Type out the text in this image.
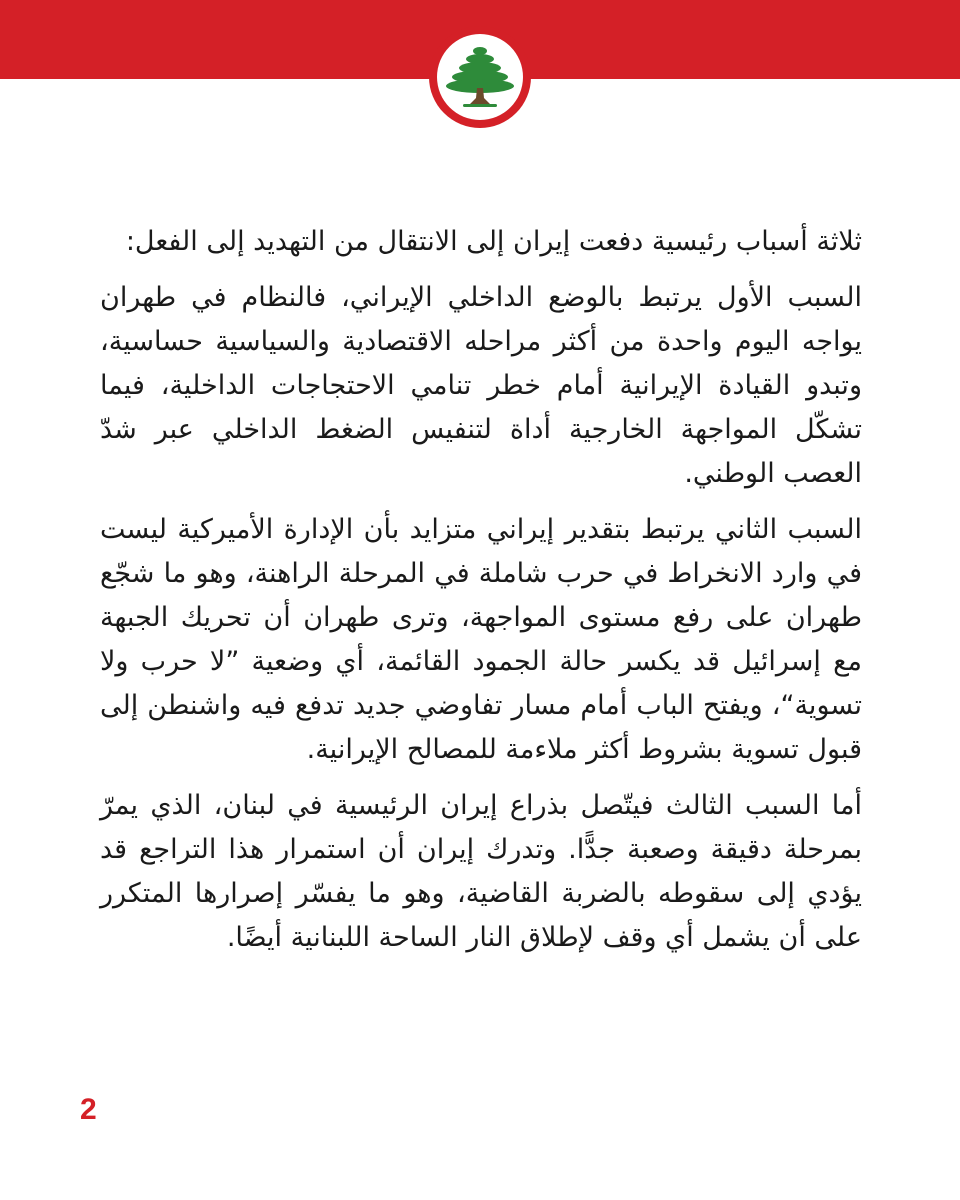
ثلاثة أسباب رئيسية دفعت إيران إلى الانتقال من التهديد إلى الفعل:

السبب الأول يرتبط بالوضع الداخلي الإيراني، فالنظام في طهران يواجه اليوم واحدة من أكثر مراحله الاقتصادية والسياسية حساسية، وتبدو القيادة الإيرانية أمام خطر تنامي الاحتجاجات الداخلية، فيما تشكّل المواجهة الخارجية أداة لتنفيس الضغط الداخلي عبر شدّ العصب الوطني.

السبب الثاني يرتبط بتقدير إيراني متزايد بأن الإدارة الأميركية ليست في وارد الانخراط في حرب شاملة في المرحلة الراهنة، وهو ما شجّع طهران على رفع مستوى المواجهة، وترى طهران أن تحريك الجبهة مع إسرائيل قد يكسر حالة الجمود القائمة، أي وضعية ”لا حرب ولا تسوية“، ويفتح الباب أمام مسار تفاوضي جديد تدفع فيه واشنطن إلى قبول تسوية بشروط أكثر ملاءمة للمصالح الإيرانية.

أما السبب الثالث فيتّصل بذراع إيران الرئيسية في لبنان، الذي يمرّ بمرحلة دقيقة وصعبة جدًّا. وتدرك إيران أن استمرار هذا التراجع قد يؤدي إلى سقوطه بالضربة القاضية، وهو ما يفسّر إصرارها المتكرر على أن يشمل أي وقف لإطلاق النار الساحة اللبنانية أيضًا.

2
